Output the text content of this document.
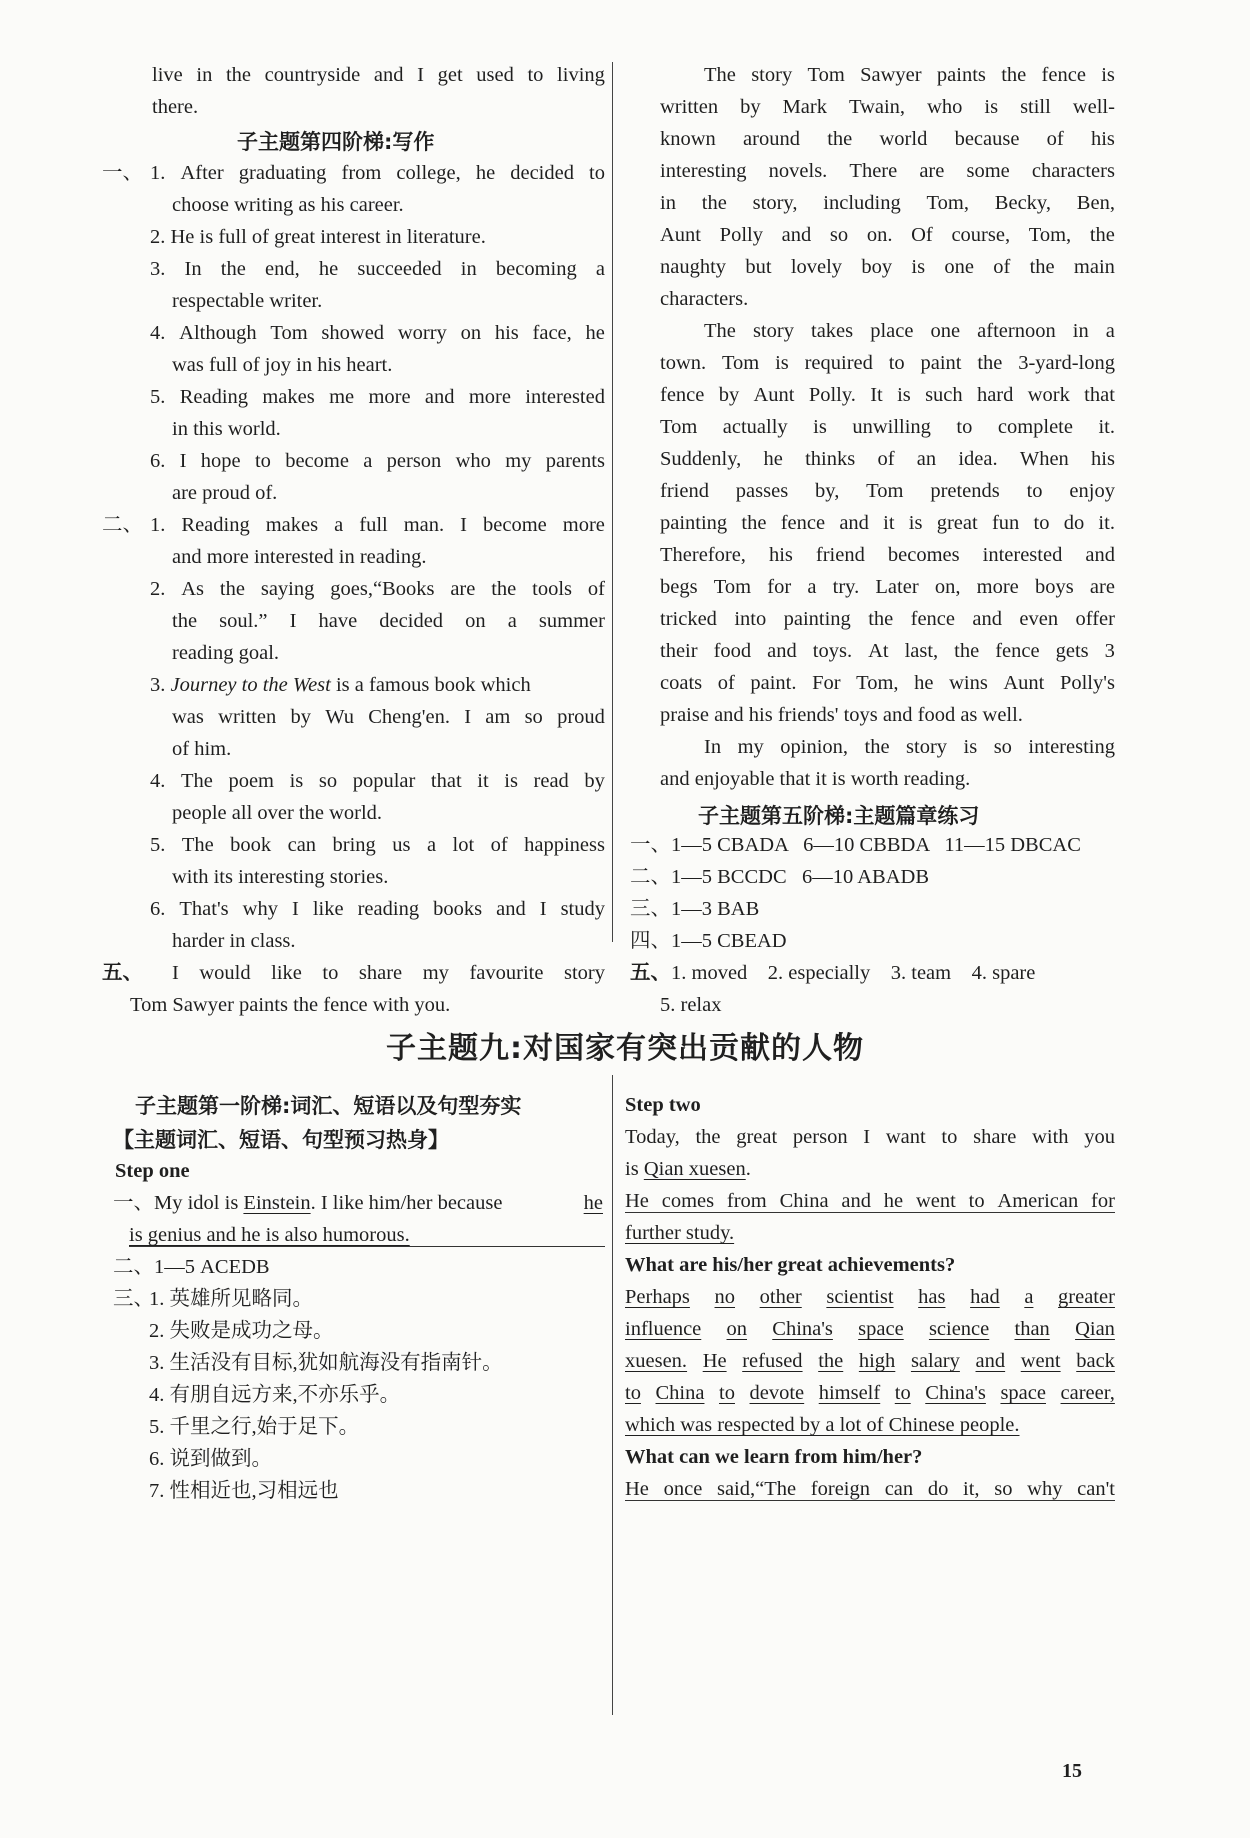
live in the countryside and I get used to living
there.
子主题第四阶梯:写作
一、 1. After graduating from college, he decided to
choose writing as his career.
2. He is full of great interest in literature.
3. In the end, he succeeded in becoming a
respectable writer.
4. Although Tom showed worry on his face, he
was full of joy in his heart.
5. Reading makes me more and more interested
in this world.
6. I hope to become a person who my parents
are proud of.
二、 1. Reading makes a full man. I become more
and more interested in reading.
2. As the saying goes,“Books are the tools of
the soul.” I have decided on a summer
reading goal.
3. Journey to the West is a famous book which
was written by Wu Cheng'en. I am so proud
of him.
4. The poem is so popular that it is read by
people all over the world.
5. The book can bring us a lot of happiness
with its interesting stories.
6. That's why I like reading books and I study
harder in class.
五、 I would like to share my favourite story
Tom Sawyer paints the fence with you.
The story Tom Sawyer paints the fence is
written by Mark Twain, who is still well-
known around the world because of his
interesting novels. There are some characters
in the story, including Tom, Becky, Ben,
Aunt Polly and so on. Of course, Tom, the
naughty but lovely boy is one of the main
characters.
The story takes place one afternoon in a
town. Tom is required to paint the 3-yard-long
fence by Aunt Polly. It is such hard work that
Tom actually is unwilling to complete it.
Suddenly, he thinks of an idea. When his
friend passes by, Tom pretends to enjoy
painting the fence and it is great fun to do it.
Therefore, his friend becomes interested and
begs Tom for a try. Later on, more boys are
tricked into painting the fence and even offer
their food and toys. At last, the fence gets 3
coats of paint. For Tom, he wins Aunt Polly's
praise and his friends' toys and food as well.
In my opinion, the story is so interesting
and enjoyable that it is worth reading.
子主题第五阶梯:主题篇章练习
一、1—5 CBADA   6—10 CBBDA   11—15 DBCAC
二、1—5 BCCDC   6—10 ABADB
三、1—3 BAB
四、1—5 CBEAD
五、1. moved    2. especially    3. team    4. spare
5. relax
子主题九:对国家有突出贡献的人物
子主题第一阶梯:词汇、短语以及句型夯实
【主题词汇、短语、句型预习热身】
Step one
一、My idol is Einstein. I like him/her because	he
is genius and he is also humorous.
二、1—5 ACEDB
三、
1. 英雄所见略同。
2. 失败是成功之母。
3. 生活没有目标,犹如航海没有指南针。
4. 有朋自远方来,不亦乐乎。
5. 千里之行,始于足下。
6. 说到做到。
7. 性相近也,习相远也
Step two
Today, the great person I want to share with you
is Qian xuesen.
He comes from China and he went to American for
further study.
What are his/her great achievements?
Perhaps no other scientist has had a greater
influence on China's space science than Qian
xuesen. He refused the high salary and went back
to China to devote himself to China's space career,
which was respected by a lot of Chinese people.
What can we learn from him/her?
He once said,“The foreign can do it, so why can't
15
